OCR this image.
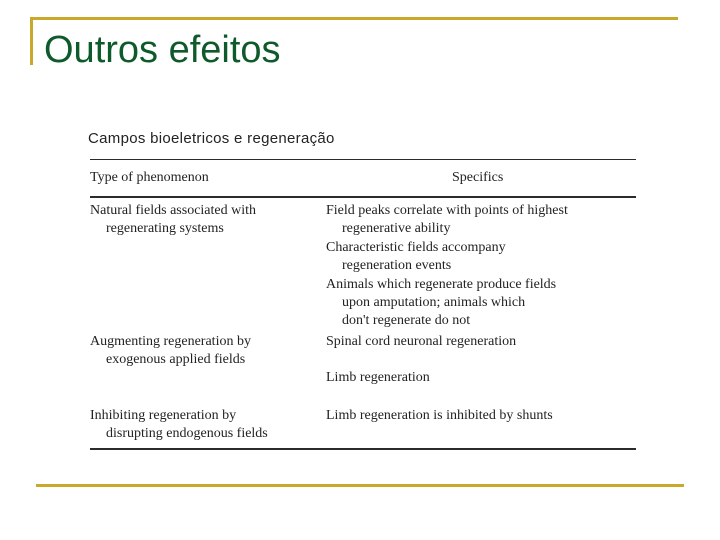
Outros efeitos
Campos bioeletricos e regeneração
Type of phenomenon	Specifics
Natural fields associated with
regenerating systems
Field peaks correlate with points of highest
regenerative ability
Characteristic fields accompany
regeneration events
Animals which regenerate produce fields
upon amputation; animals which
don't regenerate do not
Augmenting regeneration by
exogenous applied fields
Spinal cord neuronal regeneration
Limb regeneration
Inhibiting regeneration by
disrupting endogenous fields
Limb regeneration is inhibited by shunts
